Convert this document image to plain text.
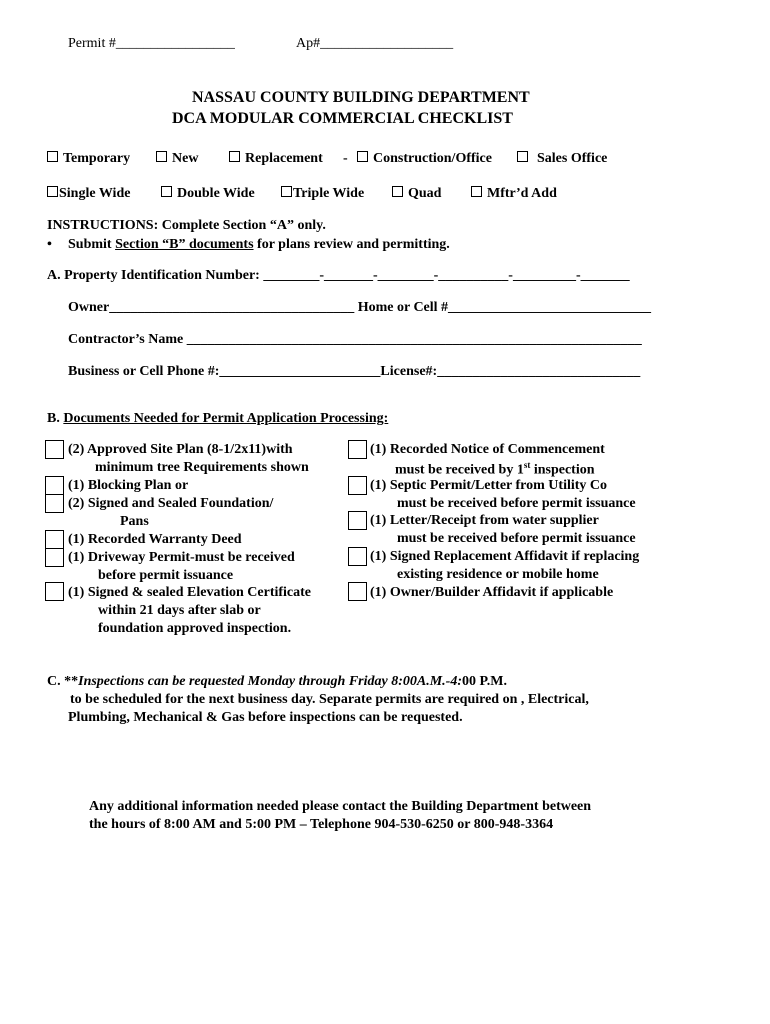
Permit #_________________	Ap#___________________
NASSAU COUNTY BUILDING DEPARTMENT
DCA MODULAR COMMERCIAL CHECKLIST
Temporary	New	Replacement -	Construction/Office	Sales Office
Single Wide	Double Wide	Triple Wide	Quad	Mftr’d Add
INSTRUCTIONS: Complete Section “A” only.
• Submit Section “B” documents for plans review and permitting.
A. Property Identification Number: ________-_______-________-__________-_________-_______
Owner___________________________________ Home or Cell #_____________________________
Contractor’s Name _________________________________________________________________
Business or Cell Phone #:_______________________License#:_____________________________
B. Documents Needed for Permit Application Processing:
(2) Approved Site Plan (8-1/2x11)with
minimum tree Requirements shown
(1) Blocking Plan or
(2) Signed and Sealed Foundation/
Pans
(1) Recorded Warranty Deed
(1) Driveway Permit-must be received
before permit issuance
(1) Signed & sealed Elevation Certificate
within 21 days after slab or
foundation approved inspection.
(1) Recorded Notice of Commencement
must be received by 1st inspection
(1) Septic Permit/Letter from Utility Co
must be received before permit issuance
(1) Letter/Receipt from water supplier
must be received before permit issuance
(1) Signed Replacement Affidavit if replacing
existing residence or mobile home
(1) Owner/Builder Affidavit if applicable
C. **Inspections can be requested Monday through Friday 8:00A.M.-4:00 P.M.
to be scheduled for the next business day. Separate permits are required on , Electrical,
Plumbing, Mechanical & Gas before inspections can be requested.
Any additional information needed please contact the Building Department between
the hours of 8:00 AM and 5:00 PM – Telephone 904-530-6250 or 800-948-3364
